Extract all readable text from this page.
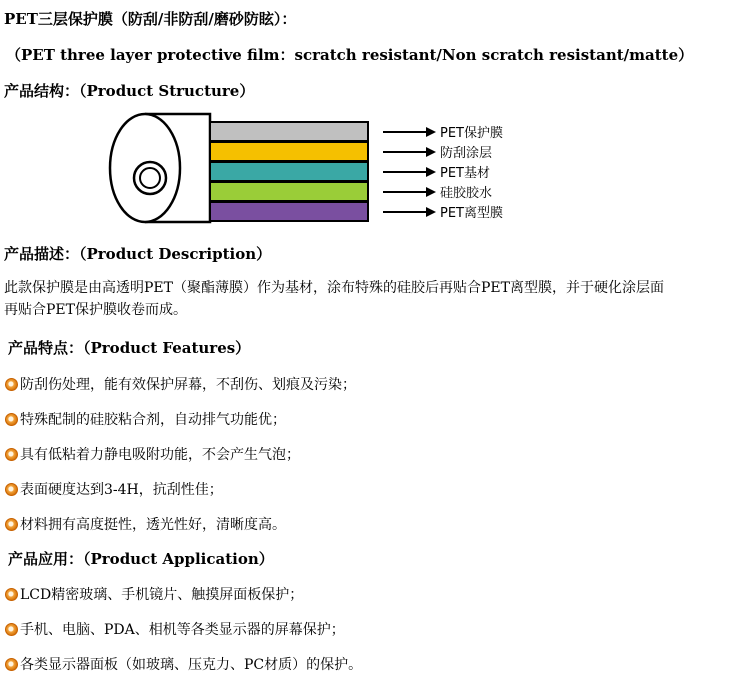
PET三层保护膜（防刮/非防刮/磨砂防眩）：
（PET three layer protective film：scratch resistant/Non scratch resistant/matte）
产品结构：（Product Structure）
PET保护膜
防刮涂层
PET基材
硅胶胶水
PET离型膜
产品描述：（Product Description）
此款保护膜是由高透明PET（聚酯薄膜）作为基材，涂布特殊的硅胶后再贴合PET离型膜，并于硬化涂层面
再贴合PET保护膜收卷而成。
产品特点：（Product Features）
防刮伤处理，能有效保护屏幕，不刮伤、划痕及污染；
特殊配制的硅胶粘合剂，自动排气功能优；
具有低粘着力静电吸附功能，不会产生气泡；
表面硬度达到3-4H，抗刮性佳；
材料拥有高度挺性，透光性好，清晰度高。
产品应用：（Product Application）
LCD精密玻璃、手机镜片、触摸屏面板保护；
手机、电脑、PDA、相机等各类显示器的屏幕保护；
各类显示器面板（如玻璃、压克力、PC材质）的保护。
